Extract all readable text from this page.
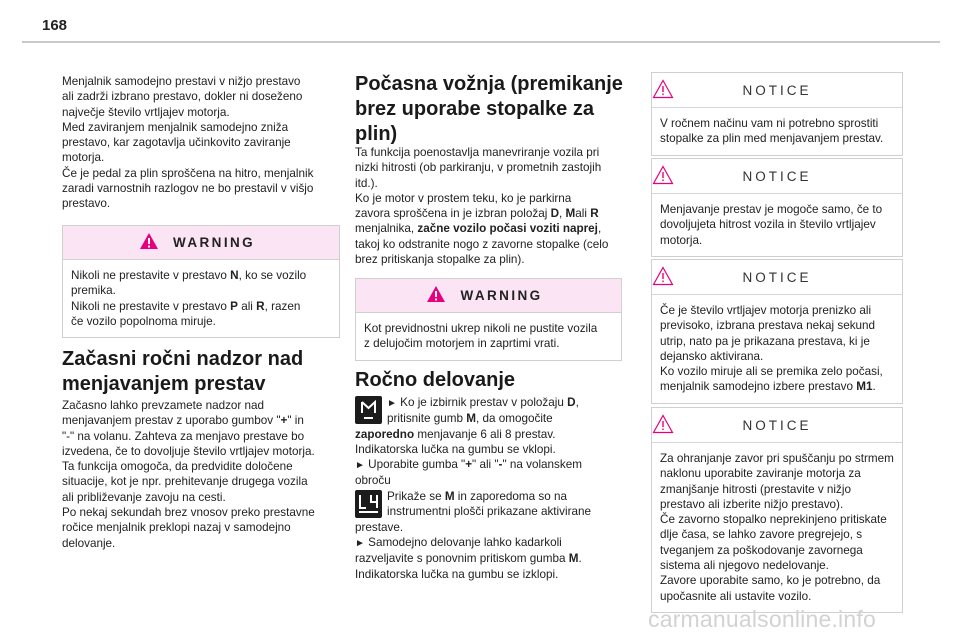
168
Menjalnik samodejno prestavi v nižjo prestavo
ali zadrži izbrano prestavo, dokler ni doseženo
največje število vrtljajev motorja.
Med zaviranjem menjalnik samodejno zniža
prestavo, kar zagotavlja učinkovito zaviranje
motorja.
Če je pedal za plin sproščena na hitro, menjalnik
zaradi varnostnih razlogov ne bo prestavil v višjo
prestavo.
WARNING
Nikoli ne prestavite v prestavo N, ko se vozilo
premika.
Nikoli ne prestavite v prestavo P ali R, razen
če vozilo popolnoma miruje.
Začasni ročni nadzor nad
menjavanjem prestav
Začasno lahko prevzamete nadzor nad
menjavanjem prestav z uporabo gumbov "+" in
"-" na volanu. Zahteva za menjavo prestave bo
izvedena, če to dovoljuje število vrtljajev motorja.
Ta funkcija omogoča, da predvidite določene
situacije, kot je npr. prehitevanje drugega vozila
ali približevanje zavoju na cesti.
Po nekaj sekundah brez vnosov preko prestavne
ročice menjalnik preklopi nazaj v samodejno
delovanje.
Počasna vožnja (premikanje
brez uporabe stopalke za
plin)
Ta funkcija poenostavlja manevriranje vozila pri
nizki hitrosti (ob parkiranju, v prometnih zastojih
itd.).
Ko je motor v prostem teku, ko je parkirna
zavora sproščena in je izbran položaj D, Mali R
menjalnika, začne vozilo počasi voziti naprej,
takoj ko odstranite nogo z zavorne stopalke (celo
brez pritiskanja stopalke za plin).
WARNING
Kot previdnostni ukrep nikoli ne pustite vozila
z delujočim motorjem in zaprtimi vrati.
Ročno delovanje
► Ko je izbirnik prestav v položaju D,
pritisnite gumb M, da omogočite
zaporedno menjavanje 6 ali 8 prestav.
Indikatorska lučka na gumbu se vklopi.
► Uporabite gumba "+" ali "-" na volanskem
obroču
Prikaže se M in zaporedoma so na
instrumentni plošči prikazane aktivirane
prestave.
► Samodejno delovanje lahko kadarkoli
razveljavite s ponovnim pritiskom gumba M.
Indikatorska lučka na gumbu se izklopi.
NOTICE
V ročnem načinu vam ni potrebno sprostiti
stopalke za plin med menjavanjem prestav.
NOTICE
Menjavanje prestav je mogoče samo, če to
dovoljujeta hitrost vozila in število vrtljajev
motorja.
NOTICE
Če je število vrtljajev motorja prenizko ali
previsoko, izbrana prestava nekaj sekund
utrip, nato pa je prikazana prestava, ki je
dejansko aktivirana.
Ko vozilo miruje ali se premika zelo počasi,
menjalnik samodejno izbere prestavo M1.
NOTICE
Za ohranjanje zavor pri spuščanju po strmem
naklonu uporabite zaviranje motorja za
zmanjšanje hitrosti (prestavite v nižjo
prestavo ali izberite nižjo prestavo).
Če zavorno stopalko neprekinjeno pritiskate
dlje časa, se lahko zavore pregrejejo, s
tveganjem za poškodovanje zavornega
sistema ali njegovo nedelovanje.
Zavore uporabite samo, ko je potrebno, da
upočasnite ali ustavite vozilo.
carmanualsonline.info
